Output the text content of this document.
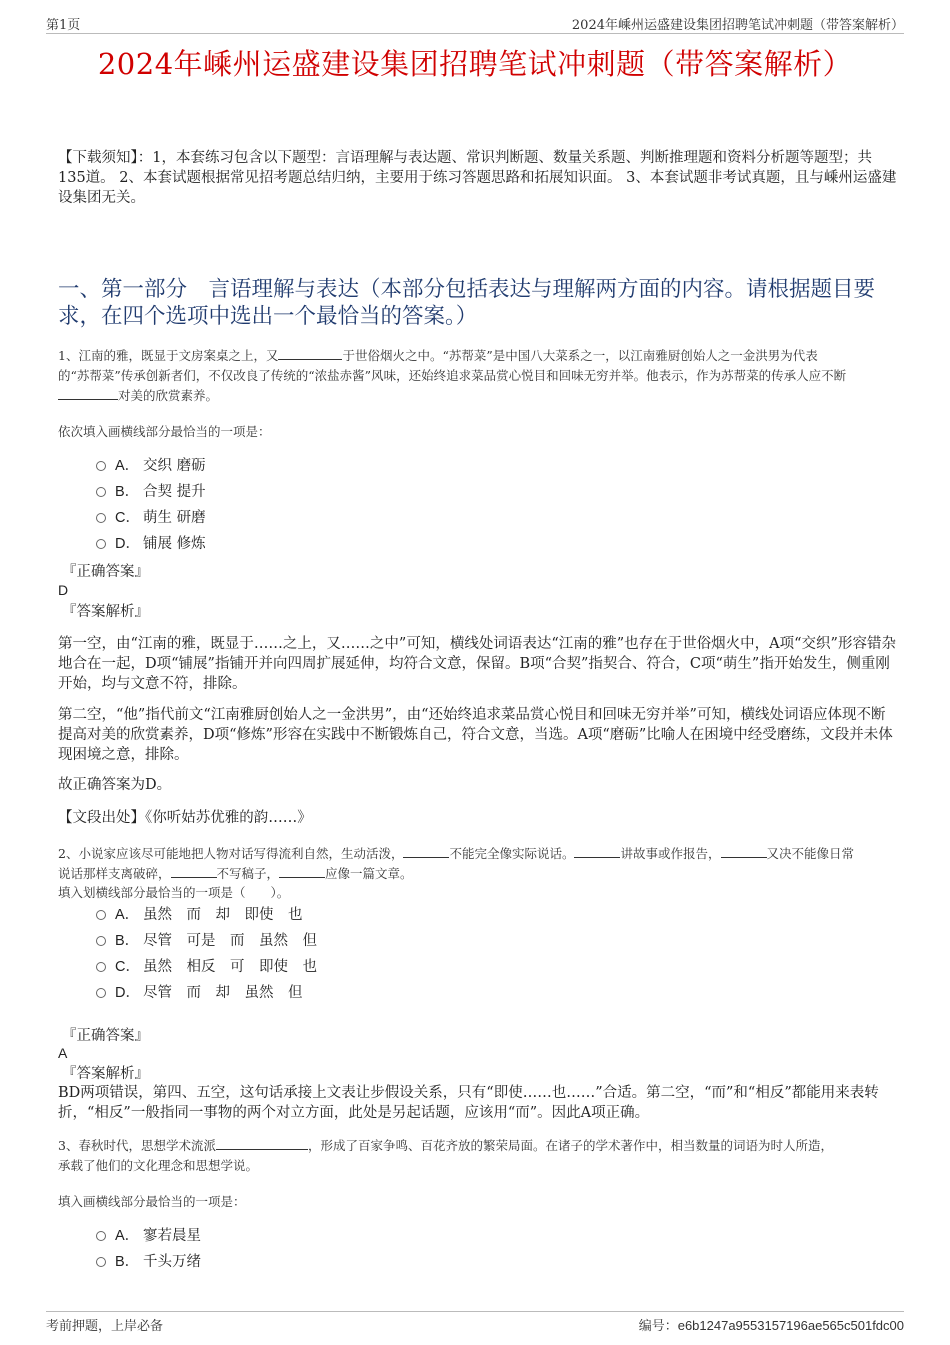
第1页	2024年嵊州运盛建设集团招聘笔试冲刺题（带答案解析）
2024年嵊州运盛建设集团招聘笔试冲刺题（带答案解析）
【下载须知】：1，本套练习包含以下题型：言语理解与表达题、常识判断题、数量关系题、判断推理题和资料分析题等题型；共135道。 2、本套试题根据常见招考题总结归纳，主要用于练习答题思路和拓展知识面。 3、本套试题非考试真题，且与嵊州运盛建设集团无关。
一、第一部分　言语理解与表达（本部分包括表达与理解两方面的内容。请根据题目要求，在四个选项中选出一个最恰当的答案。）
1、江南的雅，既显于文房案桌之上，又	于世俗烟火之中。“苏帮菜”是中国八大菜系之一，以江南雅厨创始人之一金洪男为代表
的“苏帮菜”传承创新者们，不仅改良了传统的“浓盐赤酱”风味，还始终追求菜品赏心悦目和回味无穷并举。他表示，作为苏帮菜的传承人应不断
对美的欣赏素养。
依次填入画横线部分最恰当的一项是：
A． 交织 磨砺
B． 合契 提升
C． 萌生 研磨
D． 铺展 修炼
『正确答案』
D
『答案解析』
第一空，由“江南的雅，既显于……之上，又……之中”可知，横线处词语表达“江南的雅”也存在于世俗烟火中，A项“交织”形容错杂地合在一起，D项“铺展”指铺开并向四周扩展延伸，均符合文意，保留。B项“合契”指契合、符合，C项“萌生”指开始发生，侧重刚开始，均与文意不符，排除。
第二空，“他”指代前文“江南雅厨创始人之一金洪男”，由“还始终追求菜品赏心悦目和回味无穷并举”可知，横线处词语应体现不断提高对美的欣赏素养，D项“修炼”形容在实践中不断锻炼自己，符合文意，当选。A项“磨砺”比喻人在困境中经受磨练，文段并未体现困境之意，排除。
故正确答案为D。
【文段出处】《你听姑苏优雅的韵……》
2、小说家应该尽可能地把人物对话写得流利自然，生动活泼，	不能完全像实际说话。	讲故事或作报告，	又决不能像日常
说话那样支离破碎，	不写稿子，	应像一篇文章。
填入划横线部分最恰当的一项是（　　）。
A． 虽然　而　却　即使　也
B． 尽管　可是　而　虽然　但
C． 虽然　相反　可　即使　也
D． 尽管　而　却　虽然　但
『正确答案』
A
『答案解析』
BD两项错误，第四、五空，这句话承接上文表让步假设关系，只有“即使……也……”合适。第二空，“而”和“相反”都能用来表转折，“相反”一般指同一事物的两个对立方面，此处是另起话题，应该用“而”。因此A项正确。
3、春秋时代，思想学术流派	，形成了百家争鸣、百花齐放的繁荣局面。在诸子的学术著作中，相当数量的词语为时人所造，
承载了他们的文化理念和思想学说。
填入画横线部分最恰当的一项是：
A． 寥若晨星
B． 千头万绪
考前押题，上岸必备	编号：e6b1247a9553157196ae565c501fdc00
